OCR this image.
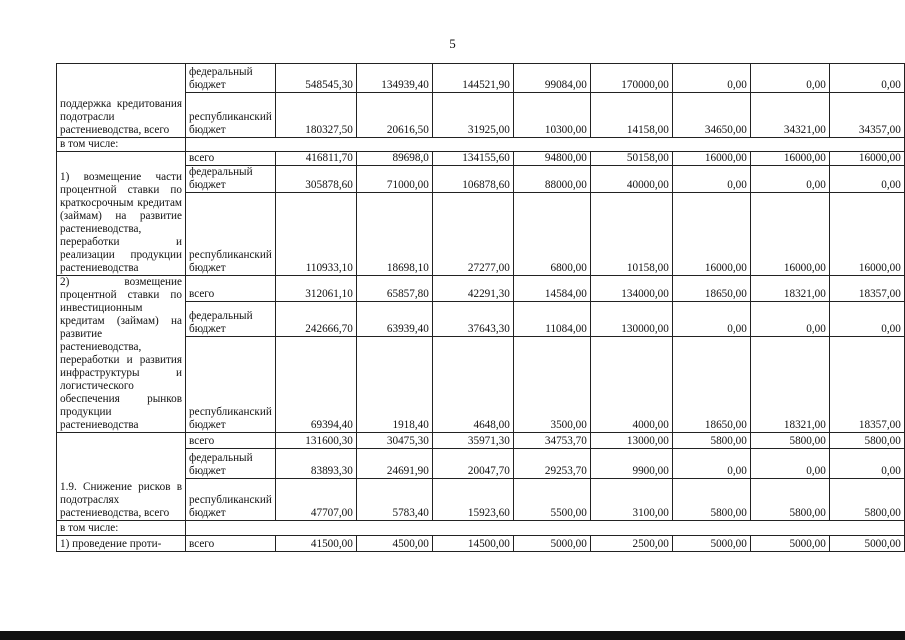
5
поддержка кредитования подотрасли растениеводства, всего	федеральный бюджет	548545,30	134939,40	144521,90	99084,00	170000,00	0,00	0,00	0,00
	республиканский бюджет	180327,50	20616,50	31925,00	10300,00	14158,00	34650,00	34321,00	34357,00
в том числе:									
1) возмещение части процентной ставки по краткосрочным кредитам (займам) на развитие растениеводства, переработки и реализации продукции растениеводства	всего	416811,70	89698,0	134155,60	94800,00	50158,00	16000,00	16000,00	16000,00
	федеральный бюджет	305878,60	71000,00	106878,60	88000,00	40000,00	0,00	0,00	0,00
	республиканский бюджет	110933,10	18698,10	27277,00	6800,00	10158,00	16000,00	16000,00	16000,00
2) возмещение процентной ставки по инвестиционным кредитам (займам) на развитие растениеводства, переработки и развития инфраструктуры и логистического обеспечения рынков продукции растениеводства	всего	312061,10	65857,80	42291,30	14584,00	134000,00	18650,00	18321,00	18357,00
	федеральный бюджет	242666,70	63939,40	37643,30	11084,00	130000,00	0,00	0,00	0,00
	республиканский бюджет	69394,40	1918,40	4648,00	3500,00	4000,00	18650,00	18321,00	18357,00
1.9. Снижение рисков в подотраслях растениеводства, всего	всего	131600,30	30475,30	35971,30	34753,70	13000,00	5800,00	5800,00	5800,00
	федеральный бюджет	83893,30	24691,90	20047,70	29253,70	9900,00	0,00	0,00	0,00
	республиканский бюджет	47707,00	5783,40	15923,60	5500,00	3100,00	5800,00	5800,00	5800,00
в том числе:									
1) проведение проти-	всего	41500,00	4500,00	14500,00	5000,00	2500,00	5000,00	5000,00	5000,00
